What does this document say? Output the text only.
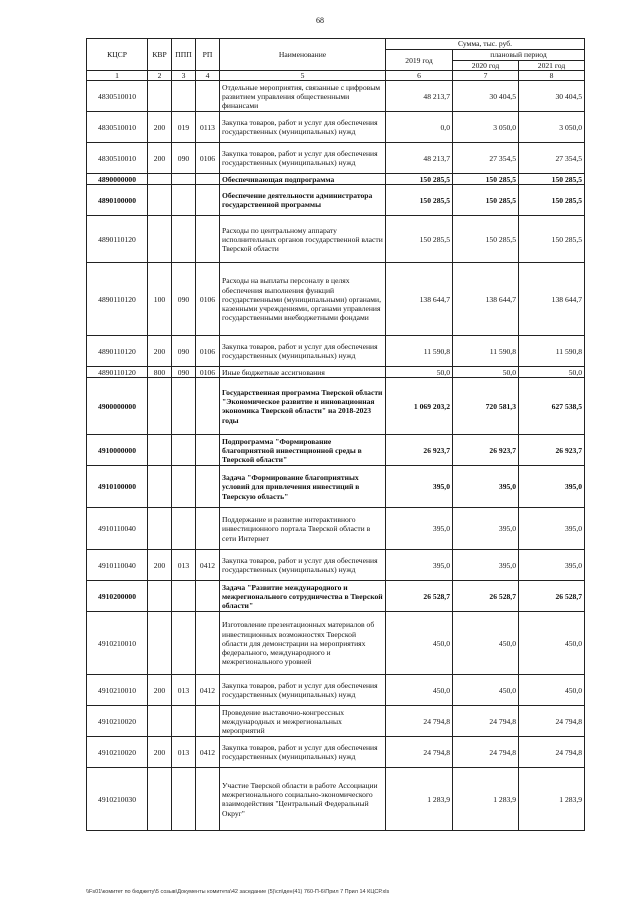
68
КЦСР	КВР	ППП	РП	Наименование	Сумма, тыс. руб.		
					2019 год	плановый период	
						2020 год	2021 год
1	2	3	4	5	6	7	8
4830510010				Отдельные мероприятия, связанные с цифровым развитием управления общественными финансами	48 213,7	30 404,5	30 404,5
4830510010	200	019	0113	Закупка товаров, работ и услуг для обеспечения государственных (муниципальных) нужд	0,0	3 050,0	3 050,0
4830510010	200	090	0106	Закупка товаров, работ и услуг для обеспечения государственных (муниципальных) нужд	48 213,7	27 354,5	27 354,5
4890000000				Обеспечивающая подпрограмма	150 285,5	150 285,5	150 285,5
4890100000				Обеспечение деятельности администратора государственной программы	150 285,5	150 285,5	150 285,5
4890110120				Расходы по центральному аппарату исполнительных органов государственной власти Тверской области	150 285,5	150 285,5	150 285,5
4890110120	100	090	0106	Расходы на выплаты персоналу в целях обеспечения выполнения функций государственными (муниципальными) органами, казенными учреждениями, органами управления государственными внебюджетными фондами	138 644,7	138 644,7	138 644,7
4890110120	200	090	0106	Закупка товаров, работ и услуг для обеспечения государственных (муниципальных) нужд	11 590,8	11 590,8	11 590,8
4890110120	800	090	0106	Иные бюджетные ассигнования	50,0	50,0	50,0
4900000000				Государственная программа Тверской области "Экономическое развитие и инновационная экономика Тверской области" на 2018-2023 годы	1 069 203,2	720 581,3	627 538,5
4910000000				Подпрограмма "Формирование благоприятной инвестиционной среды в Тверской области"	26 923,7	26 923,7	26 923,7
4910100000				Задача "Формирование благоприятных условий для привлечения инвестиций в Тверскую область"	395,0	395,0	395,0
4910110040				Поддержание и развитие интерактивного инвестиционного портала Тверской области в сети Интернет	395,0	395,0	395,0
4910110040	200	013	0412	Закупка товаров, работ и услуг для обеспечения государственных (муниципальных) нужд	395,0	395,0	395,0
4910200000				Задача "Развитие международного и межрегионального сотрудничества в Тверской области"	26 528,7	26 528,7	26 528,7
4910210010				Изготовление презентационных материалов об инвестиционных возможностях Тверской области для демонстрации на мероприятиях федерального, международного и межрегионального уровней	450,0	450,0	450,0
4910210010	200	013	0412	Закупка товаров, работ и услуг для обеспечения государственных (муниципальных) нужд	450,0	450,0	450,0
4910210020				Проведение выставочно-конгрессных международных и межрегиональных мероприятий	24 794,8	24 794,8	24 794,8
4910210020	200	013	0412	Закупка товаров, работ и услуг для обеспечения государственных (муниципальных) нужд	24 794,8	24 794,8	24 794,8
4910210030				Участие Тверской области в работе Ассоциации межрегионального социально-экономического взаимодействия "Центральный Федеральный Округ"	1 283,9	1 283,9	1 283,9
\\Fs01\комитет по бюджету\5 созыв\Документы комитета\42 заседание (5)\сп\ден(41) 760-П-6\Прил 7 Прил 14 КЦСР.xls
